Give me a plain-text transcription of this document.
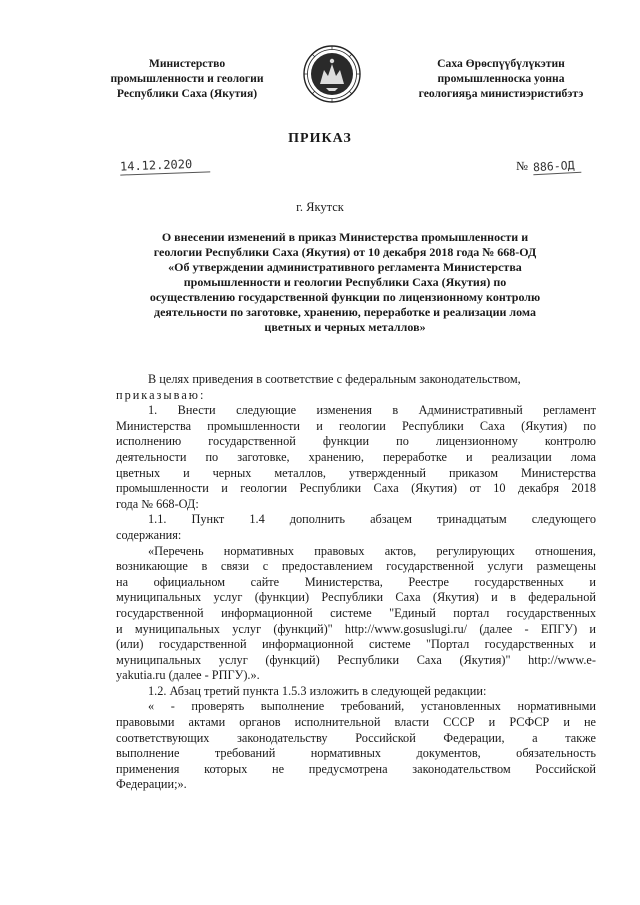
Министерство
промышленности и геологии
Республики Саха (Якутия)
Саха Өрөспүүбүлүкэтин
промышленноска уонна
геологияҕа министиэристибэтэ
ПРИКАЗ
14.12.2020	№ 886-ОД
г. Якутск
О внесении изменений в приказ Министерства промышленности и
геологии Республики Саха (Якутия) от 10 декабря 2018 года № 668-ОД
«Об утверждении административного регламента Министерства
промышленности и геологии Республики Саха (Якутия) по
осуществлению государственной функции по лицензионному контролю
деятельности по заготовке, хранению, переработке и реализации лома
цветных и черных металлов»
В целях приведения в соответствие с федеральным законодательством,
приказываю:
1. Внести следующие изменения в Административный регламент
Министерства промышленности и геологии Республики Саха (Якутия) по
исполнению государственной функции по лицензионному контролю
деятельности по заготовке, хранению, переработке и реализации лома
цветных и черных металлов, утвержденный приказом Министерства
промышленности и геологии Республики Саха (Якутия) от 10 декабря 2018
года № 668-ОД:
1.1. Пункт 1.4 дополнить абзацем тринадцатым следующего
содержания:
«Перечень нормативных правовых актов, регулирующих отношения,
возникающие в связи с предоставлением государственной услуги размещены
на официальном сайте Министерства, Реестре государственных и
муниципальных услуг (функции) Республики Саха (Якутия) и в федеральной
государственной информационной системе "Единый портал государственных
и муниципальных услуг (функций)" http://www.gosuslugi.ru/ (далее - ЕПГУ) и
(или) государственной информационной системе "Портал государственных и
муниципальных услуг (функций) Республики Саха (Якутия)" http://www.e-
yakutia.ru (далее - РПГУ).».
1.2. Абзац третий пункта 1.5.3 изложить в следующей редакции:
« - проверять выполнение требований, установленных нормативными
правовыми актами органов исполнительной власти СССР и РСФСР и не
соответствующих законодательству Российской Федерации, а также
выполнение требований нормативных документов, обязательность
применения которых не предусмотрена законодательством Российской
Федерации;».
